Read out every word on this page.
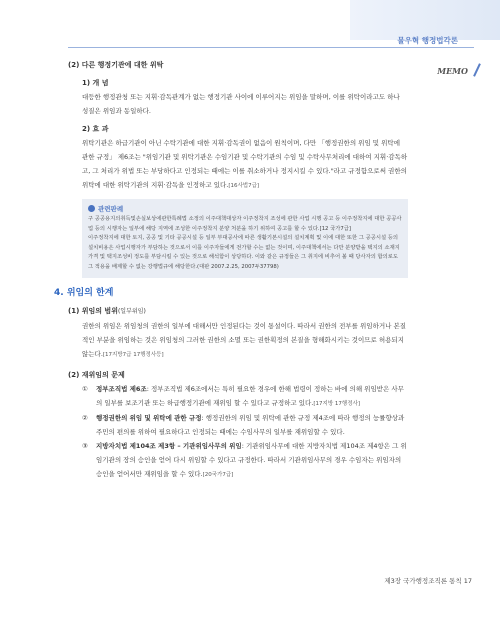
물우혁 행정법각론
MEMO

(2) 다른 행정기관에 대한 위탁

1) 개 념

대등한 행정관청 또는 지휘·감독관계가 없는 행정기관 사이에 이루어지는 위임을 말하며, 이를 위탁이라고도 하나 성질은 위임과 동일하다.

2) 효 과

위탁기관은 하급기관이 아닌 수탁기관에 대한 지휘·감독권이 없음이 원칙이며, 다만 「행정권한의 위임 및 위탁에 관한 규정」 제6조는 "위임기관 및 위탁기관은 수임기관 및 수탁기관의 수임 및 수탁사무처리에 대하여 지휘·감독하고, 그 처리가 위법 또는 부당하다고 인정되는 때에는 이를 취소하거나 정지시킬 수 있다."라고 규정함으로써 권한의 위탁에 대한 위탁기관의 지휘·감독을 인정하고 있다.[16사법7급]

관련판례

구 공공용지의취득및손실보상에관한특례법 소정의 이주대책대상자 이주정착지 조성에 관한 사업 시행 공고 등 이주정착지에 대한 공공사업 등의 시행자는 일부에 해당 지역에 조성한 이주정착지 분양 처분을 하기 위하여 공고를 할 수 있다.[12 국가7급]

이주정착지에 대한 토지, 공공 및 기타 공공시설 등 일부 부대공사에 따른 생활기본시설의 설치계획 및 이에 대한 또한 그 공공시설 등의 설치비용은 사업시행자가 부담하는 것으로서 이를 이주자들에게 전가할 수는 없는 것이며, 이주대책에서는 다만 분양받을 택지의 소재지가격 및 택지조성비 정도를 부담시킬 수 있는 것으로 해석함이 상당하다. 이와 같은 규정들은 그 취지에 비추어 볼 때 당사자의 합의로도 그 적용을 배제할 수 없는 강행법규에 해당한다.(대판 2007.2.25, 2007두37798)

4. 위임의 한계

(1) 위임의 범위(일부위임)

권한의 위임은 위임청의 권한의 일부에 대해서만 인정된다는 것이 통설이다. 따라서 권한의 전부를 위임하거나 본질적인 부분을 위임하는 것은 위임청의 그러한 권한의 소멸 또는 권한획정의 본질을 형해화시키는 것이므로 허용되지 않는다.[17지방7급 17행정사등]

(2) 재위임의 문제

①	정부조직법 제6조: 정부조직법 제6조에서는 특히 필요한 경우에 한해 법령이 정하는 바에 의해 위임받은 사무의 일부를 보조기관 또는 하급행정기관에 재위임 할 수 있다고 규정하고 있다.[17지방 17행정사]

②	행정권한의 위임 및 위탁에 관한 규정: 행정권한의 위임 및 위탁에 관한 규정 제4조에 따라 행정의 능률향상과 주민의 편의를 위하여 필요하다고 인정되는 때에는 수임사무의 일부를 재위임할 수 있다.

③	지방자치법 제104조 제3항 – 기관위임사무의 위임: 기관위임사무에 대한 지방자치법 제104조 제4항은 그 위임기관의 장의 승인을 얻어 다시 위임할 수 있다고 규정한다. 따라서 기관위임사무의 경우 수임자는 위임자의 승인을 얻어서만 재위임을 할 수 있다.[20국가7급]

제3장 국가행정조직론 통칙 17
